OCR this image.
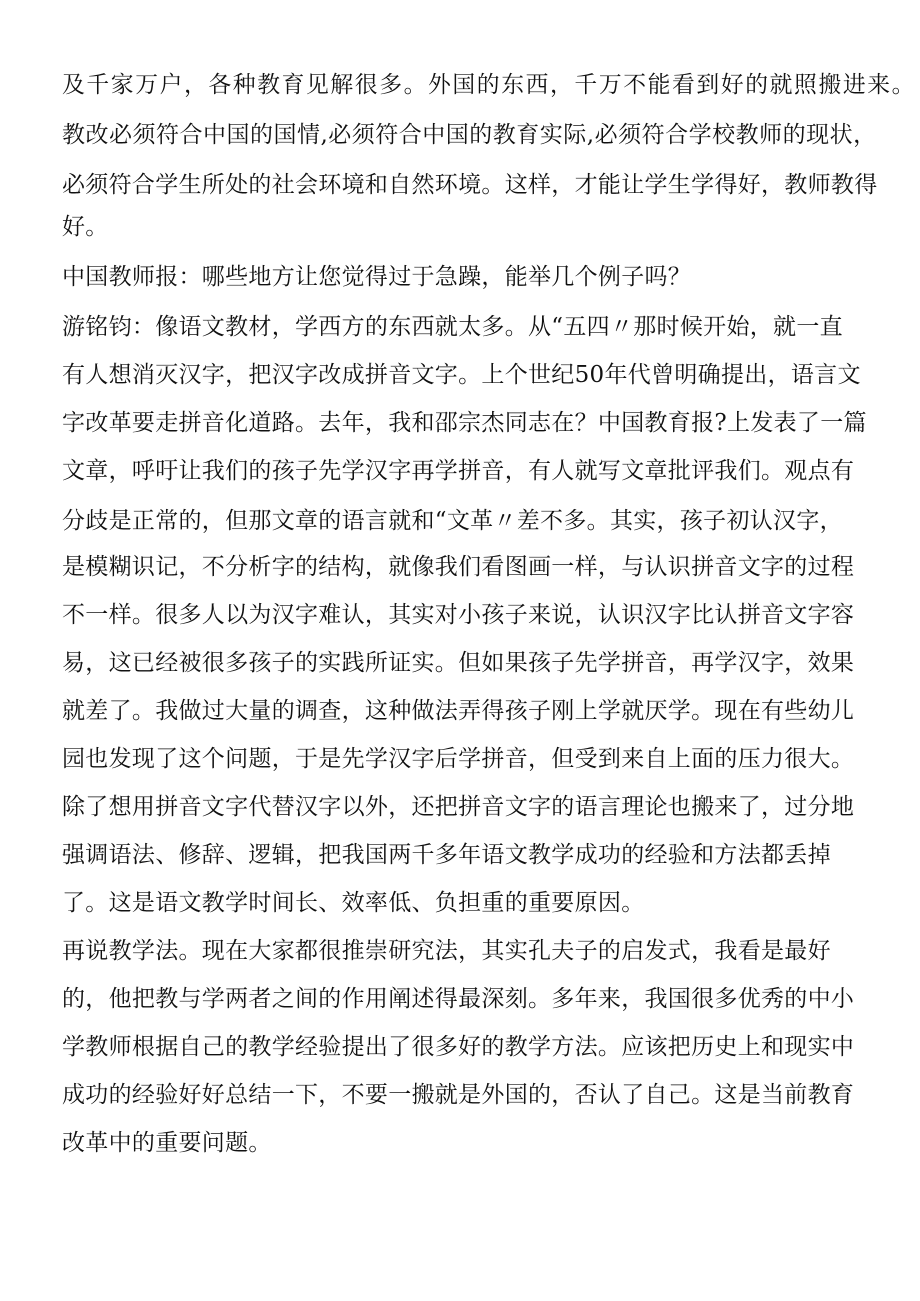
及千家万户，各种教育见解很多。外国的东西，千万不能看到好的就照搬进来。
教改必须符合中国的国情,必须符合中国的教育实际,必须符合学校教师的现状，
必须符合学生所处的社会环境和自然环境。这样，才能让学生学得好，教师教得
好。
中国教师报：哪些地方让您觉得过于急躁，能举几个例子吗？
游铭钧：像语文教材，学西方的东西就太多。从“五四〃那时候开始，就一直
有人想消灭汉字，把汉字改成拼音文字。上个世纪50年代曾明确提出，语言文
字改革要走拼音化道路。去年，我和邵宗杰同志在？中国教育报?上发表了一篇
文章，呼吁让我们的孩子先学汉字再学拼音，有人就写文章批评我们。观点有
分歧是正常的，但那文章的语言就和“文革〃差不多。其实，孩子初认汉字，
是模糊识记，不分析字的结构，就像我们看图画一样，与认识拼音文字的过程
不一样。很多人以为汉字难认，其实对小孩子来说，认识汉字比认拼音文字容
易，这已经被很多孩子的实践所证实。但如果孩子先学拼音，再学汉字，效果
就差了。我做过大量的调查，这种做法弄得孩子刚上学就厌学。现在有些幼儿
园也发现了这个问题，于是先学汉字后学拼音，但受到来自上面的压力很大。
除了想用拼音文字代替汉字以外，还把拼音文字的语言理论也搬来了，过分地
强调语法、修辞、逻辑，把我国两千多年语文教学成功的经验和方法都丢掉
了。这是语文教学时间长、效率低、负担重的重要原因。
再说教学法。现在大家都很推崇研究法，其实孔夫子的启发式，我看是最好
的，他把教与学两者之间的作用阐述得最深刻。多年来，我国很多优秀的中小
学教师根据自己的教学经验提出了很多好的教学方法。应该把历史上和现实中
成功的经验好好总结一下，不要一搬就是外国的，否认了自己。这是当前教育
改革中的重要问题。
